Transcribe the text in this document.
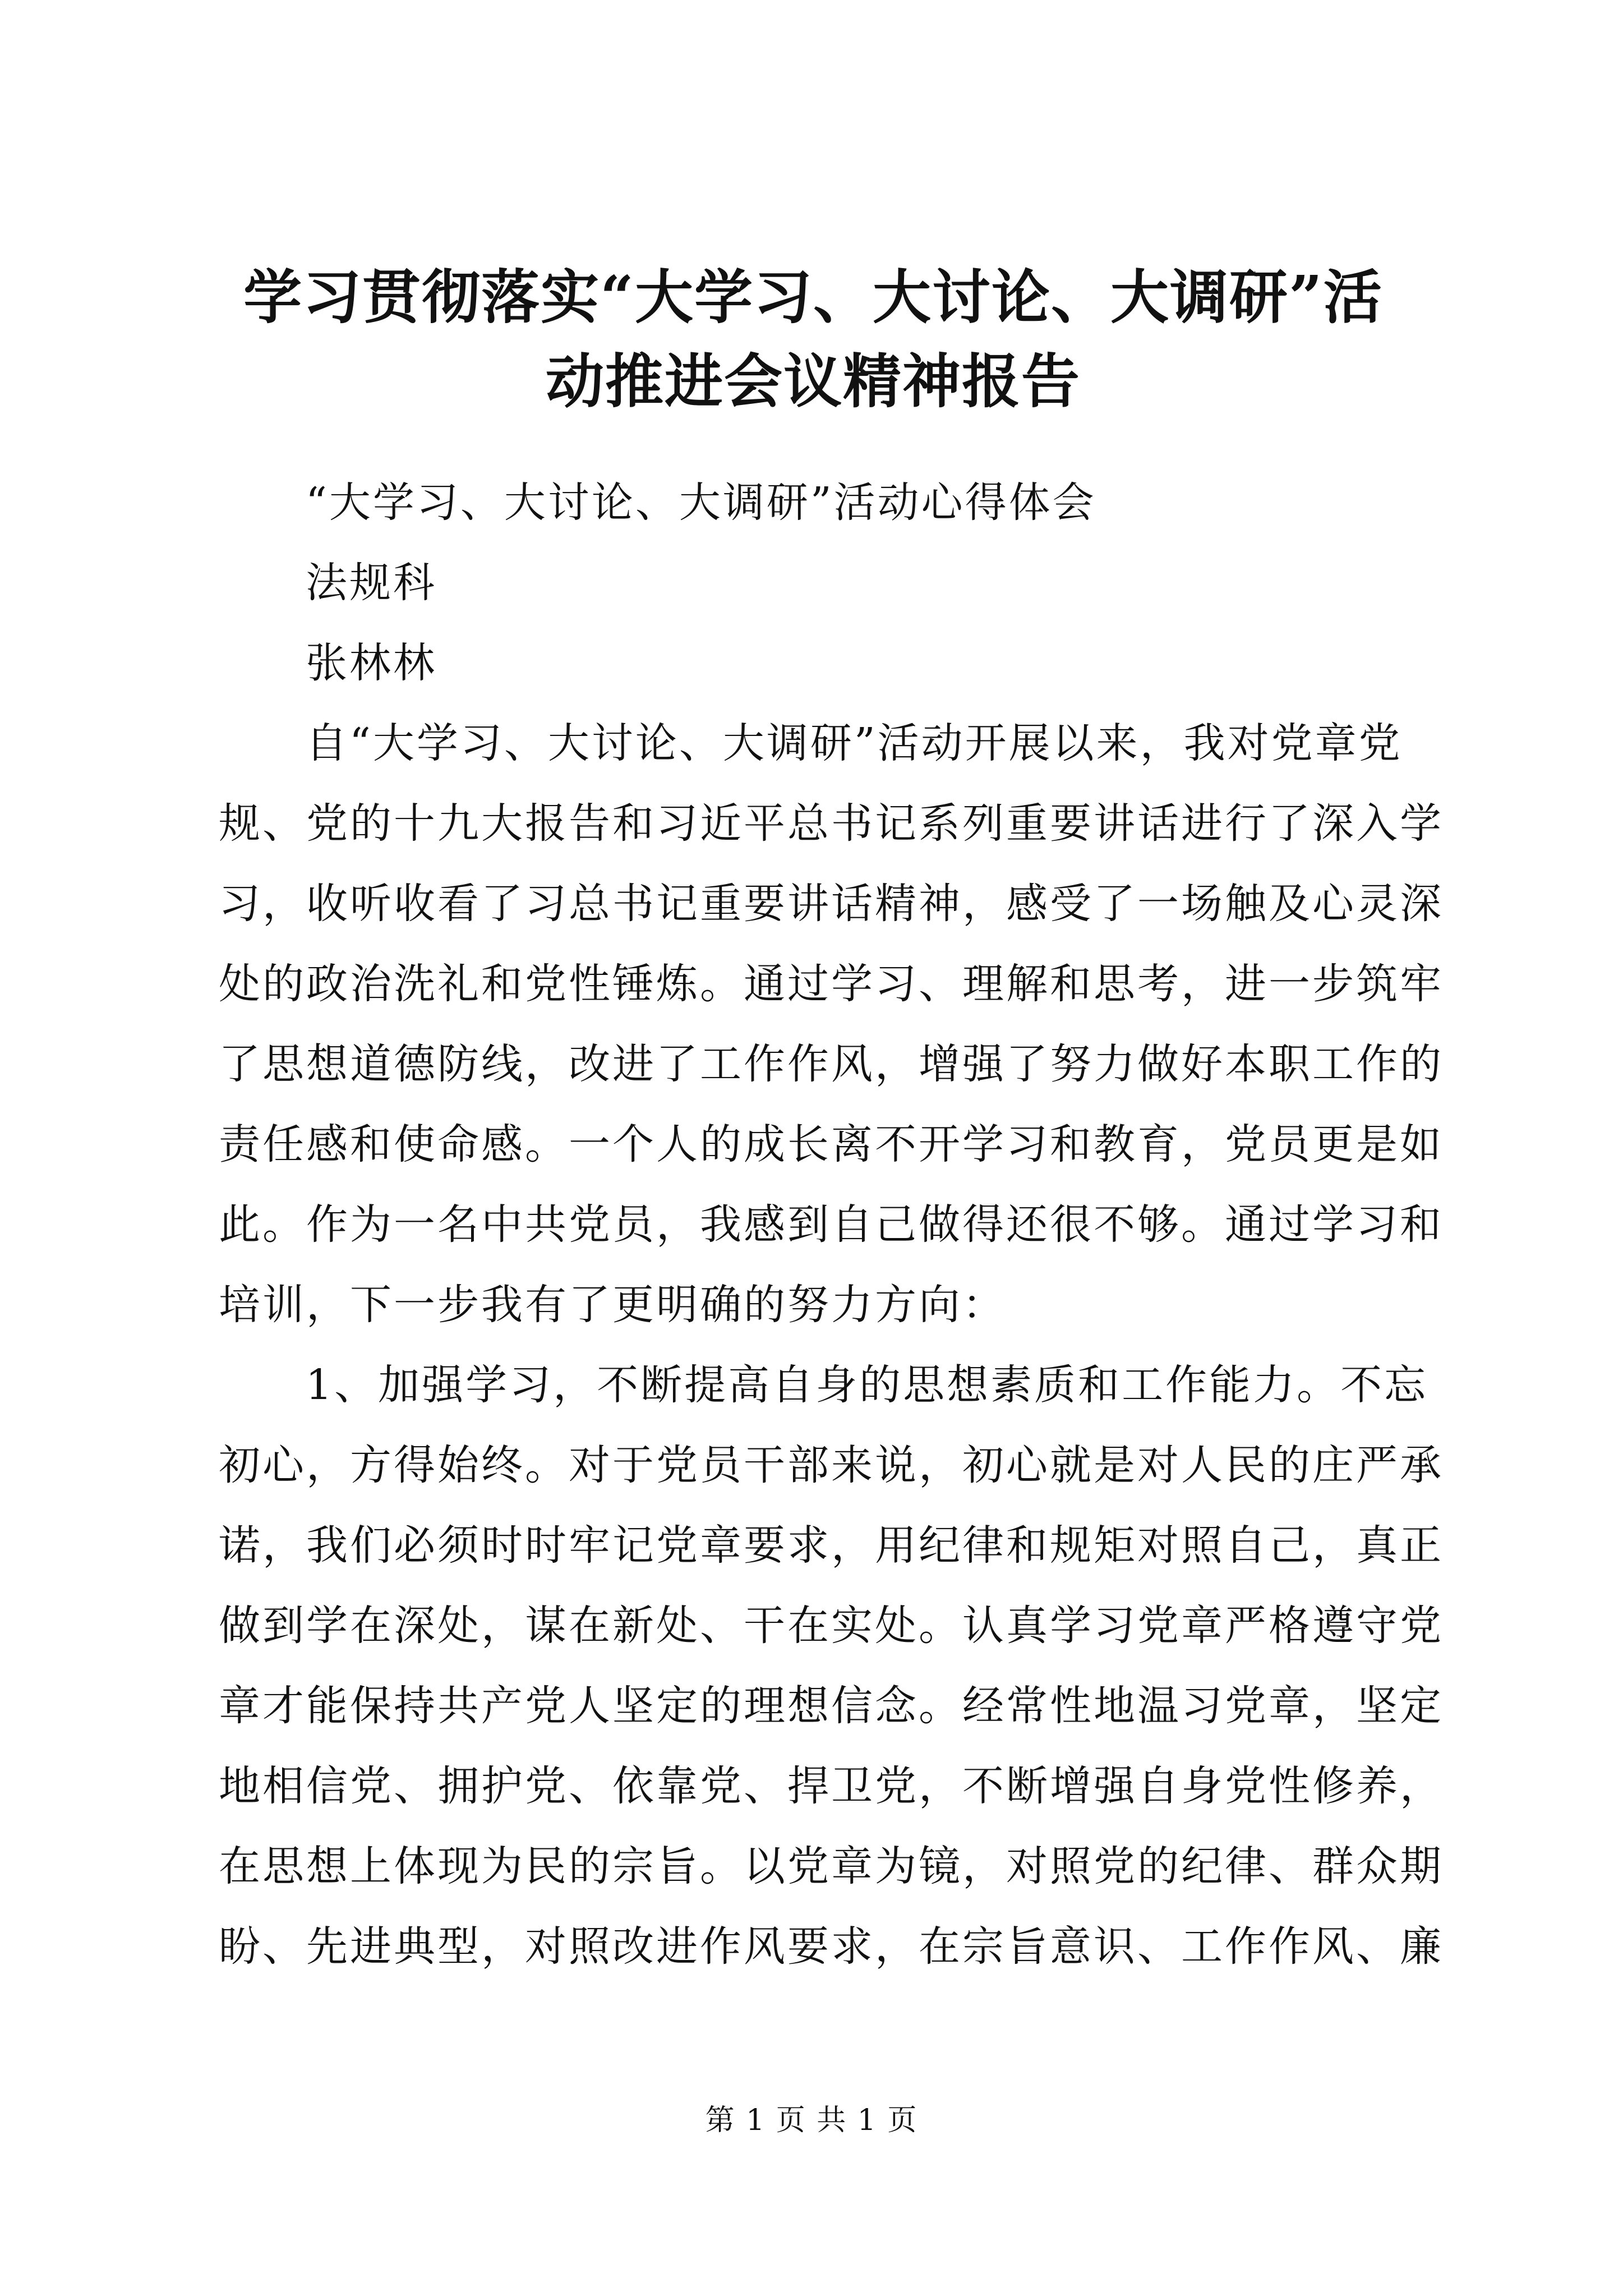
学习贯彻落实“大学习、大讨论、大调研”活
动推进会议精神报告
“大学习、大讨论、大调研”活动心得体会
法规科
张林林
自“大学习、大讨论、大调研”活动开展以来，我对党章党
规、党的十九大报告和习近平总书记系列重要讲话进行了深入学
习，收听收看了习总书记重要讲话精神，感受了一场触及心灵深
处的政治洗礼和党性锤炼。通过学习、理解和思考，进一步筑牢
了思想道德防线，改进了工作作风，增强了努力做好本职工作的
责任感和使命感。一个人的成长离不开学习和教育，党员更是如
此。作为一名中共党员，我感到自己做得还很不够。通过学习和
培训，下一步我有了更明确的努力方向：
1、加强学习，不断提高自身的思想素质和工作能力。不忘
初心，方得始终。对于党员干部来说，初心就是对人民的庄严承
诺，我们必须时时牢记党章要求，用纪律和规矩对照自己，真正
做到学在深处，谋在新处、干在实处。认真学习党章严格遵守党
章才能保持共产党人坚定的理想信念。经常性地温习党章，坚定
地相信党、拥护党、依靠党、捍卫党，不断增强自身党性修养，
在思想上体现为民的宗旨。以党章为镜，对照党的纪律、群众期
盼、先进典型，对照改进作风要求，在宗旨意识、工作作风、廉
第 1 页 共 1 页
